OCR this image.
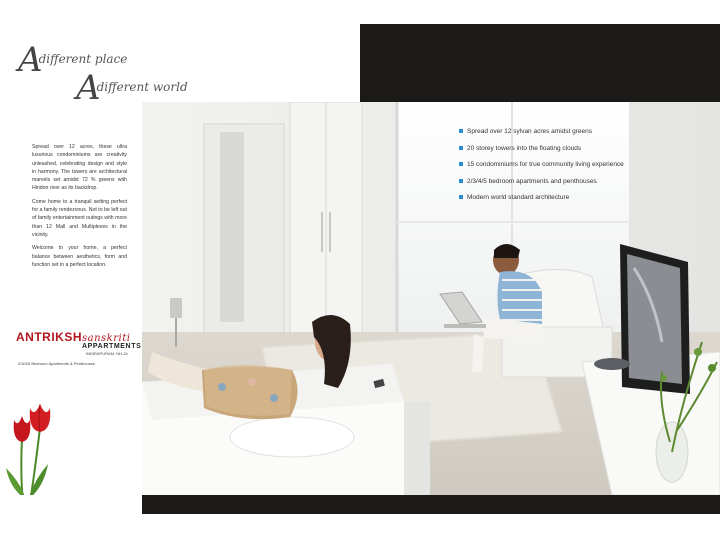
Adifferent place
Adifferent world

Spread over 12 acres, these ultra luxurious condominiums are creativity unleashed, celebrating design and style in harmony. The towers are architectural marvels set amidst 72 % greens with Hindon river as its backdrop.

Come home to a tranquil setting perfect for a family rendezvous. Not to be left out of family entertainment outings with more than 12 Mall and Multiplexes in the vicinity.

Welcome to your home, a perfect balance between aesthetics, form and function set in a perfect location.

ANTRIKSHsanskriti
APPARTMENTS
INDIRAPURAM, NH-24
2/3/4/5 Bedroom Apartments & Penthouses
Spread over 12 sylvan acres amidst greens
20 storey towers into the floating clouds
15 condominiums for true community living experience
2/3/4/5 bedroom apartments and penthouses
Modern world standard architecture
